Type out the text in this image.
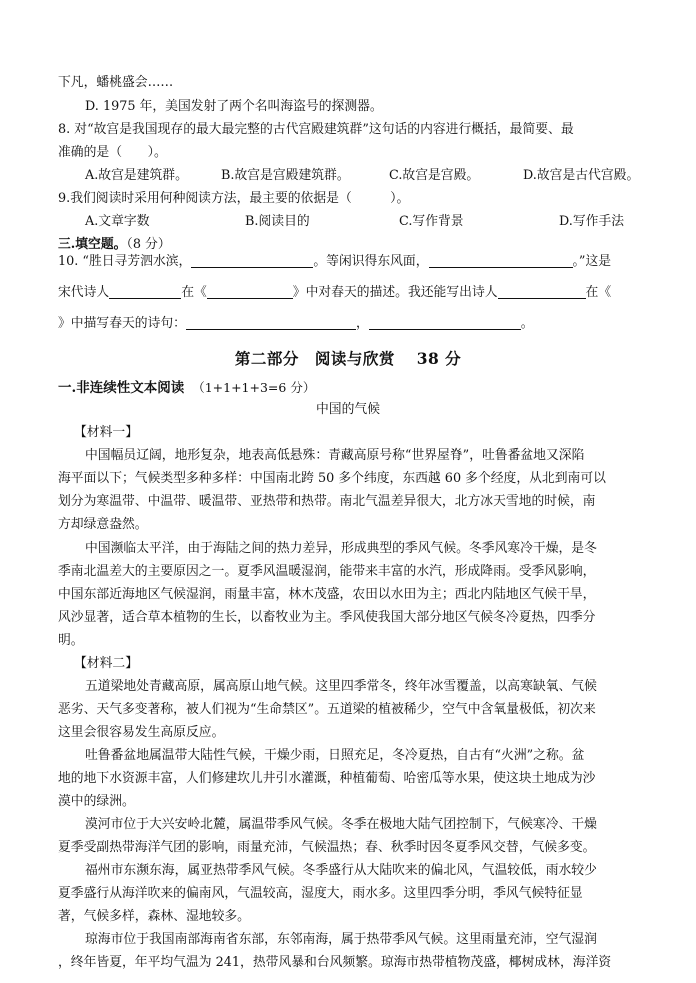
下凡，蟠桃盛会……
D. 1975 年，美国发射了两个名叫海盗号的探测器。
8. 对“故宫是我国现存的最大最完整的古代宫殿建筑群”这句话的内容进行概括，最简要、最
准确的是（　　）。
A.故宫是建筑群。	B.故宫是宫殿建筑群。	C.故宫是宫殿。	D.故宫是古代宫殿。
9.我们阅读时采用何种阅读方法，最主要的依据是（　　　）。
A.文章字数	B.阅读目的	C.写作背景	D.写作手法
三.填空题。（8 分）
10. “胜日寻芳泗水滨，	。等闲识得东风面，	。”这是
宋代诗人	在《	》中对春天的描述。我还能写出诗人	在《
》中描写春天的诗句：	，	。
第二部分　阅读与欣赏　 38 分
一.非连续性文本阅读 （1+1+1+3=6 分）
中国的气候
【材料一】
中国幅员辽阔，地形复杂，地表高低悬殊：青藏高原号称“世界屋脊”，吐鲁番盆地又深陷
海平面以下；气候类型多种多样：中国南北跨 50 多个纬度，东西越 60 多个经度，从北到南可以
划分为寒温带、中温带、暖温带、亚热带和热带。南北气温差异很大，北方冰天雪地的时候，南
方却绿意盎然。
中国濒临太平洋，由于海陆之间的热力差异，形成典型的季风气候。冬季风寒冷干燥，是冬
季南北温差大的主要原因之一。夏季风温暖湿润，能带来丰富的水汽，形成降雨。受季风影响，
中国东部近海地区气候湿润，雨量丰富，林木茂盛，农田以水田为主；西北内陆地区气候干旱，
风沙显著，适合草本植物的生长，以畜牧业为主。季风使我国大部分地区气候冬冷夏热，四季分
明。
【材料二】
五道梁地处青藏高原，属高原山地气候。这里四季常冬，终年冰雪覆盖，以高寒缺氧、气候
恶劣、天气多变著称，被人们视为“生命禁区”。五道梁的植被稀少，空气中含氧量极低，初次来
这里会很容易发生高原反应。
吐鲁番盆地属温带大陆性气候，干燥少雨，日照充足，冬冷夏热，自古有“火洲”之称。盆
地的地下水资源丰富，人们修建坎儿井引水灌溉，种植葡萄、哈密瓜等水果，使这块土地成为沙
漠中的绿洲。
漠河市位于大兴安岭北麓，属温带季风气候。冬季在极地大陆气团控制下，气候寒冷、干燥
夏季受副热带海洋气团的影响，雨量充沛，气候温热；春、秋季时因冬夏季风交替，气候多变。
福州市东濒东海，属亚热带季风气候。冬季盛行从大陆吹来的偏北风，气温较低，雨水较少
夏季盛行从海洋吹来的偏南风，气温较高，湿度大，雨水多。这里四季分明，季风气候特征显
著，气候多样，森林、湿地较多。
琼海市位于我国南部海南省东部，东邻南海，属于热带季风气候。这里雨量充沛，空气湿润
，终年皆夏，年平均气温为 241，热带风暴和台风频繁。琼海市热带植物茂盛，椰树成林，海洋资
